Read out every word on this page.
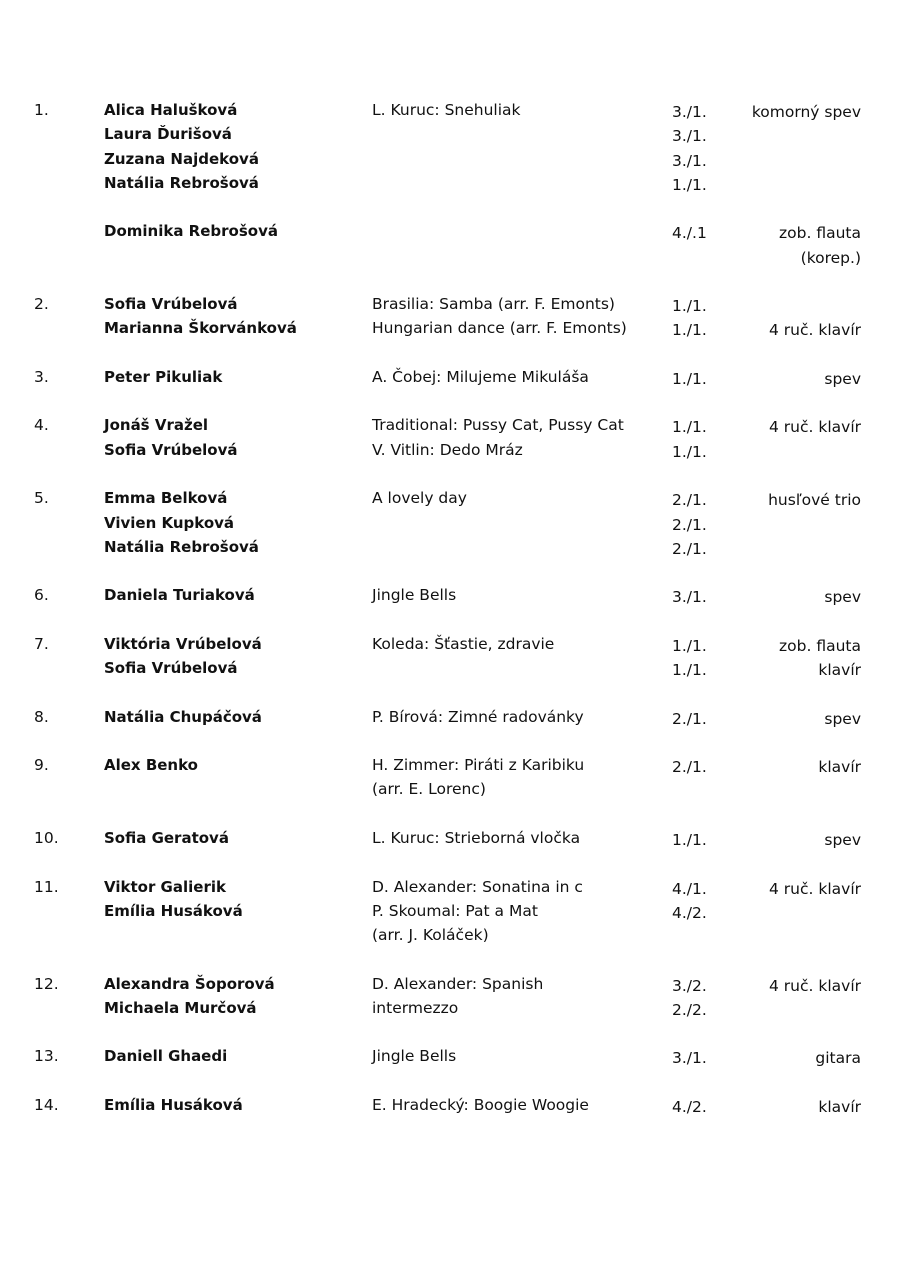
1.	Alica Halušková	L. Kuruc: Snehuliak	3./1.	komorný spev
Laura Ďurišová	3./1.
Zuzana Najdeková	3./1.
Natália Rebrošová	1./1.
Dominika Rebrošová	4./.1	zob. flauta
(korep.)
2.	Sofia Vrúbelová	Brasilia: Samba (arr. F. Emonts)	1./1.
Marianna Škorvánková	Hungarian dance (arr. F. Emonts)	1./1.	4 ruč. klavír
3.	Peter Pikuliak	A. Čobej: Milujeme Mikuláša	1./1.	spev
4.	Jonáš Vražel	Traditional: Pussy Cat, Pussy Cat	1./1.	4 ruč. klavír
Sofia Vrúbelová	V. Vitlin: Dedo Mráz	1./1.
5.	Emma Belková	A lovely day	2./1.	husľové trio
Vivien Kupková	2./1.
Natália Rebrošová	2./1.
6.	Daniela Turiaková	Jingle Bells	3./1.	spev
7.	Viktória Vrúbelová	Koleda: Šťastie, zdravie	1./1.	zob. flauta
Sofia Vrúbelová	1./1.	klavír
8.	Natália Chupáčová	P. Bírová: Zimné radovánky	2./1.	spev
9.	Alex Benko	H. Zimmer: Piráti z Karibiku	2./1.	klavír
(arr. E. Lorenc)
10.	Sofia Geratová	L. Kuruc: Strieborná vločka	1./1.	spev
11.	Viktor Galierik	D. Alexander: Sonatina in c	4./1.	4 ruč. klavír
Emília Husáková	P. Skoumal: Pat a Mat	4./2.
(arr. J. Koláček)
12.	Alexandra Šoporová	D. Alexander: Spanish	3./2.	4 ruč. klavír
Michaela Murčová	intermezzo	2./2.
13.	Daniell Ghaedi	Jingle Bells	3./1.	gitara
14.	Emília Husáková	E. Hradecký: Boogie Woogie	4./2.	klavír
